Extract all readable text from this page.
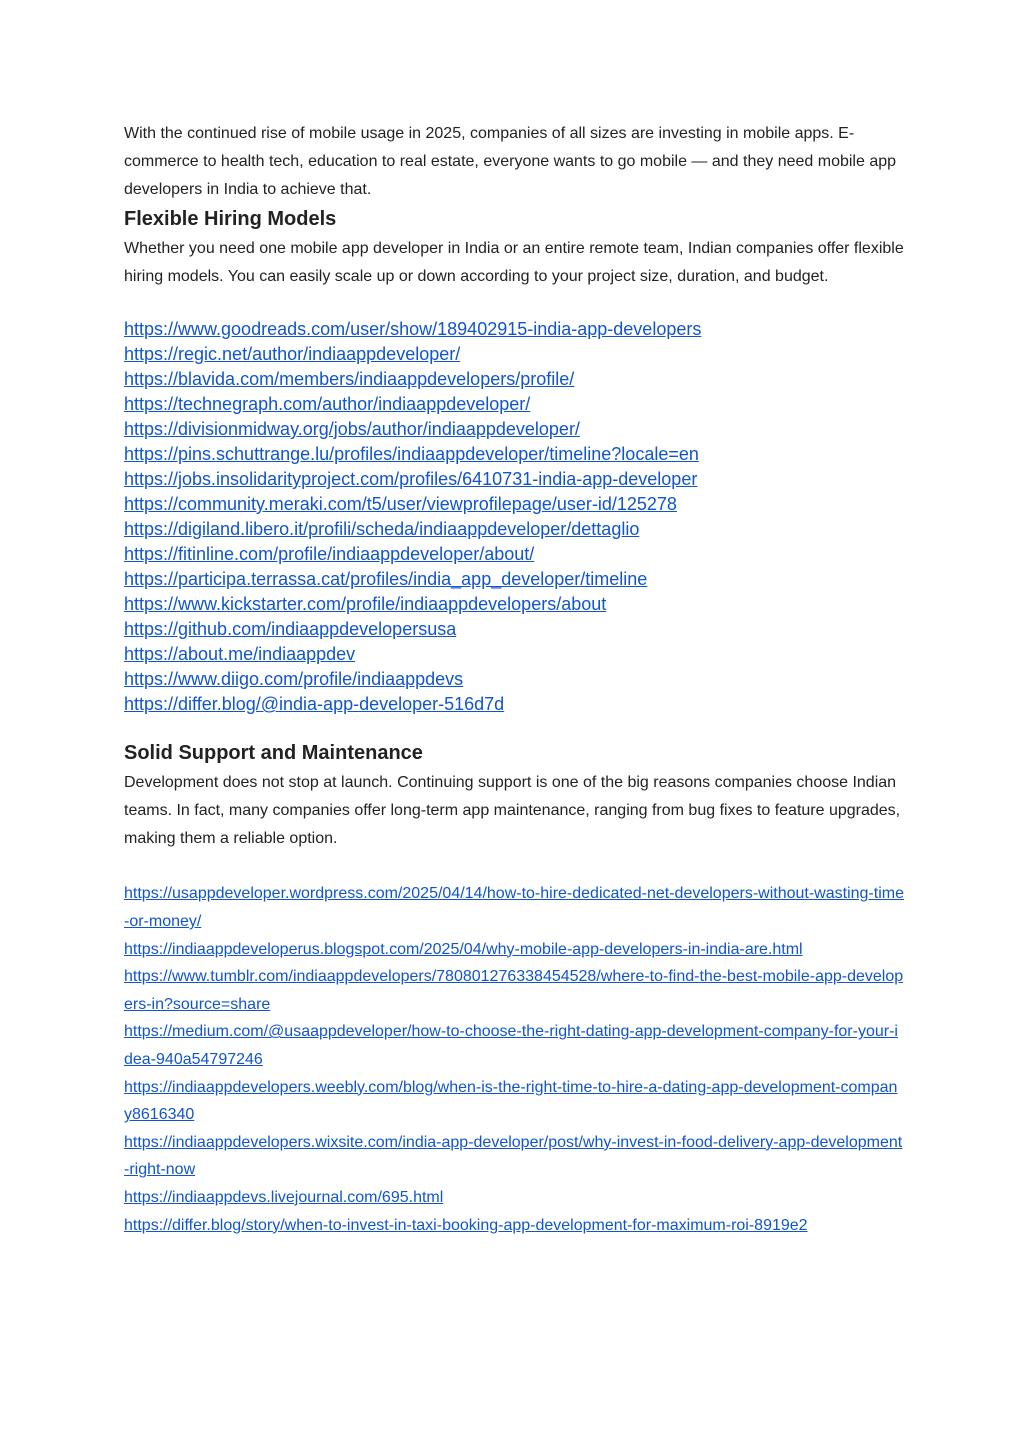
With the continued rise of mobile usage in 2025, companies of all sizes are investing in mobile apps. E-commerce to health tech, education to real estate, everyone wants to go mobile — and they need mobile app developers in India to achieve that.

Flexible Hiring Models

Whether you need one mobile app developer in India or an entire remote team, Indian companies offer flexible hiring models. You can easily scale up or down according to your project size, duration, and budget.

https://www.goodreads.com/user/show/189402915-india-app-developers
https://regic.net/author/indiaappdeveloper/
https://blavida.com/members/indiaappdevelopers/profile/
https://technegraph.com/author/indiaappdeveloper/
https://divisionmidway.org/jobs/author/indiaappdeveloper/
https://pins.schuttrange.lu/profiles/indiaappdeveloper/timeline?locale=en
https://jobs.insolidarityproject.com/profiles/6410731-india-app-developer
https://community.meraki.com/t5/user/viewprofilepage/user-id/125278
https://digiland.libero.it/profili/scheda/indiaappdeveloper/dettaglio
https://fitinline.com/profile/indiaappdeveloper/about/
https://participa.terrassa.cat/profiles/india_app_developer/timeline
https://www.kickstarter.com/profile/indiaappdevelopers/about
https://github.com/indiaappdevelopersusa
https://about.me/indiaappdev
https://www.diigo.com/profile/indiaappdevs
https://differ.blog/@india-app-developer-516d7d
Solid Support and Maintenance

Development does not stop at launch. Continuing support is one of the big reasons companies choose Indian teams. In fact, many companies offer long-term app maintenance, ranging from bug fixes to feature upgrades, making them a reliable option.

https://usappdeveloper.wordpress.com/2025/04/14/how-to-hire-dedicated-net-developers-without-wasting-time-or-money/
https://indiaappdeveloperus.blogspot.com/2025/04/why-mobile-app-developers-in-india-are.html
https://www.tumblr.com/indiaappdevelopers/780801276338454528/where-to-find-the-best-mobile-app-developers-in?source=share
https://medium.com/@usaappdeveloper/how-to-choose-the-right-dating-app-development-company-for-your-idea-940a54797246
https://indiaappdevelopers.weebly.com/blog/when-is-the-right-time-to-hire-a-dating-app-development-company8616340
https://indiaappdevelopers.wixsite.com/india-app-developer/post/why-invest-in-food-delivery-app-development-right-now
https://indiaappdevs.livejournal.com/695.html
https://differ.blog/story/when-to-invest-in-taxi-booking-app-development-for-maximum-roi-8919e2
